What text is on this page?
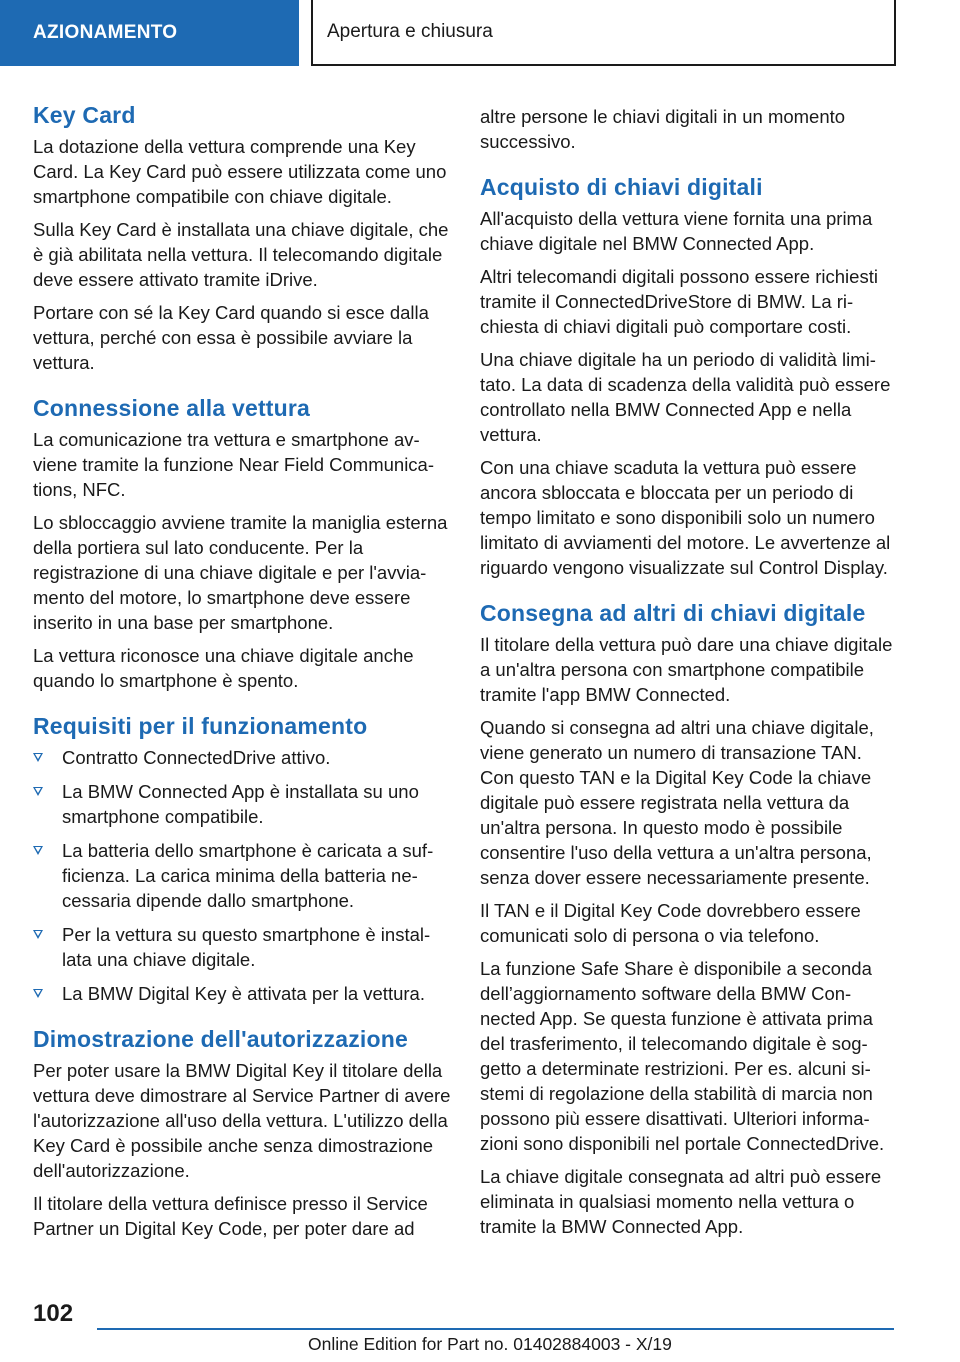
AZIONAMENTO	Apertura e chiusura
Key Card

La dotazione della vettura comprende una Key Card. La Key Card può essere utilizzata come uno smartphone compatibile con chiave digitale.

Sulla Key Card è installata una chiave digitale, che è già abilitata nella vettura. Il telecomando digitale deve essere attivato tramite iDrive.

Portare con sé la Key Card quando si esce dalla vettura, perché con essa è possibile avviare la vettura.

Connessione alla vettura

La comunicazione tra vettura e smartphone avviene tramite la funzione Near Field Communications, NFC.

Lo sbloccaggio avviene tramite la maniglia esterna della portiera sul lato conducente. Per la registrazione di una chiave digitale e per l'avviamento del motore, lo smartphone deve essere inserito in una base per smartphone.

La vettura riconosce una chiave digitale anche quando lo smartphone è spento.

Requisiti per il funzionamento
Contratto ConnectedDrive attivo.
La BMW Connected App è installata su uno smartphone compatibile.
La batteria dello smartphone è caricata a sufficienza. La carica minima della batteria necessaria dipende dallo smartphone.
Per la vettura su questo smartphone è installata una chiave digitale.
La BMW Digital Key è attivata per la vettura.
Dimostrazione dell'autorizzazione

Per poter usare la BMW Digital Key il titolare della vettura deve dimostrare al Service Partner di avere l'autorizzazione all'uso della vettura. L'utilizzo della Key Card è possibile anche senza dimostrazione dell'autorizzazione.

Il titolare della vettura definisce presso il Service Partner un Digital Key Code, per poter dare ad

altre persone le chiavi digitali in un momento successivo.

Acquisto di chiavi digitali

All'acquisto della vettura viene fornita una prima chiave digitale nel BMW Connected App.

Altri telecomandi digitali possono essere richiesti tramite il ConnectedDriveStore di BMW. La richiesta di chiavi digitali può comportare costi.

Una chiave digitale ha un periodo di validità limitato. La data di scadenza della validità può essere controllato nella BMW Connected App e nella vettura.

Con una chiave scaduta la vettura può essere ancora sbloccata e bloccata per un periodo di tempo limitato e sono disponibili solo un numero limitato di avviamenti del motore. Le avvertenze al riguardo vengono visualizzate sul Control Display.

Consegna ad altri di chiavi digitale

Il titolare della vettura può dare una chiave digitale a un'altra persona con smartphone compatibile tramite l'app BMW Connected.

Quando si consegna ad altri una chiave digitale, viene generato un numero di transazione TAN. Con questo TAN e la Digital Key Code la chiave digitale può essere registrata nella vettura da un'altra persona. In questo modo è possibile consentire l'uso della vettura a un'altra persona, senza dover essere necessariamente presente.

Il TAN e il Digital Key Code dovrebbero essere comunicati solo di persona o via telefono.

La funzione Safe Share è disponibile a seconda dell’aggiornamento software della BMW Connected App. Se questa funzione è attivata prima del trasferimento, il telecomando digitale è soggetto a determinate restrizioni. Per es. alcuni sistemi di regolazione della stabilità di marcia non possono più essere disattivati. Ulteriori informazioni sono disponibili nel portale ConnectedDrive.

La chiave digitale consegnata ad altri può essere eliminata in qualsiasi momento nella vettura o tramite la BMW Connected App.

102
Online Edition for Part no. 01402884003 - X/19
